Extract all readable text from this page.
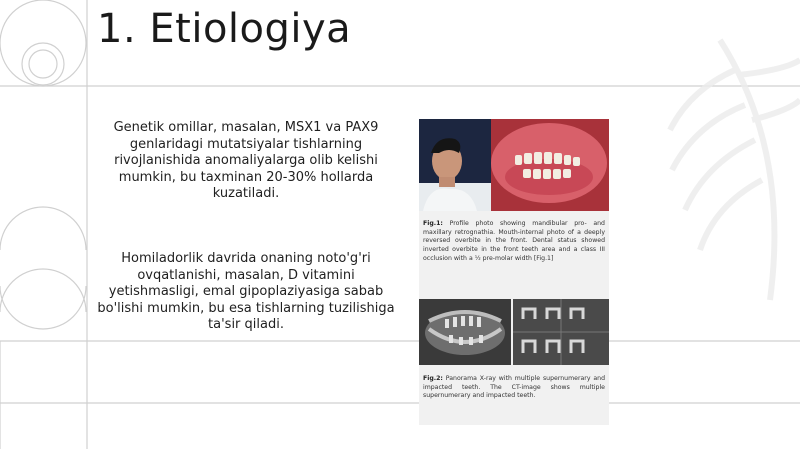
1. Etiologiya

Genetik omillar, masalan, MSX1 va PAX9 genlaridagi mutatsiyalar tishlarning rivojlanishida anomaliyalarga olib kelishi mumkin, bu taxminan 20-30% hollarda kuzatiladi.

Homiladorlik davrida onaning noto'g'ri ovqatlanishi, masalan, D vitamini yetishmasligi, emal gipoplaziyasiga sabab bo'lishi mumkin, bu esa tishlarning tuzilishiga ta'sir qiladi.

Fig.1: Profile photo showing mandibular pro- and maxillary retrognathia. Mouth-internal photo of a deeply reversed overbite in the front. Dental status showed inverted overbite in the front teeth area and a class III occlusion with a ½ pre-molar width [Fig.1]

Fig.2: Panorama X-ray with multiple supernumerary and impacted teeth. The CT-image shows multiple supernumerary and impacted teeth.
